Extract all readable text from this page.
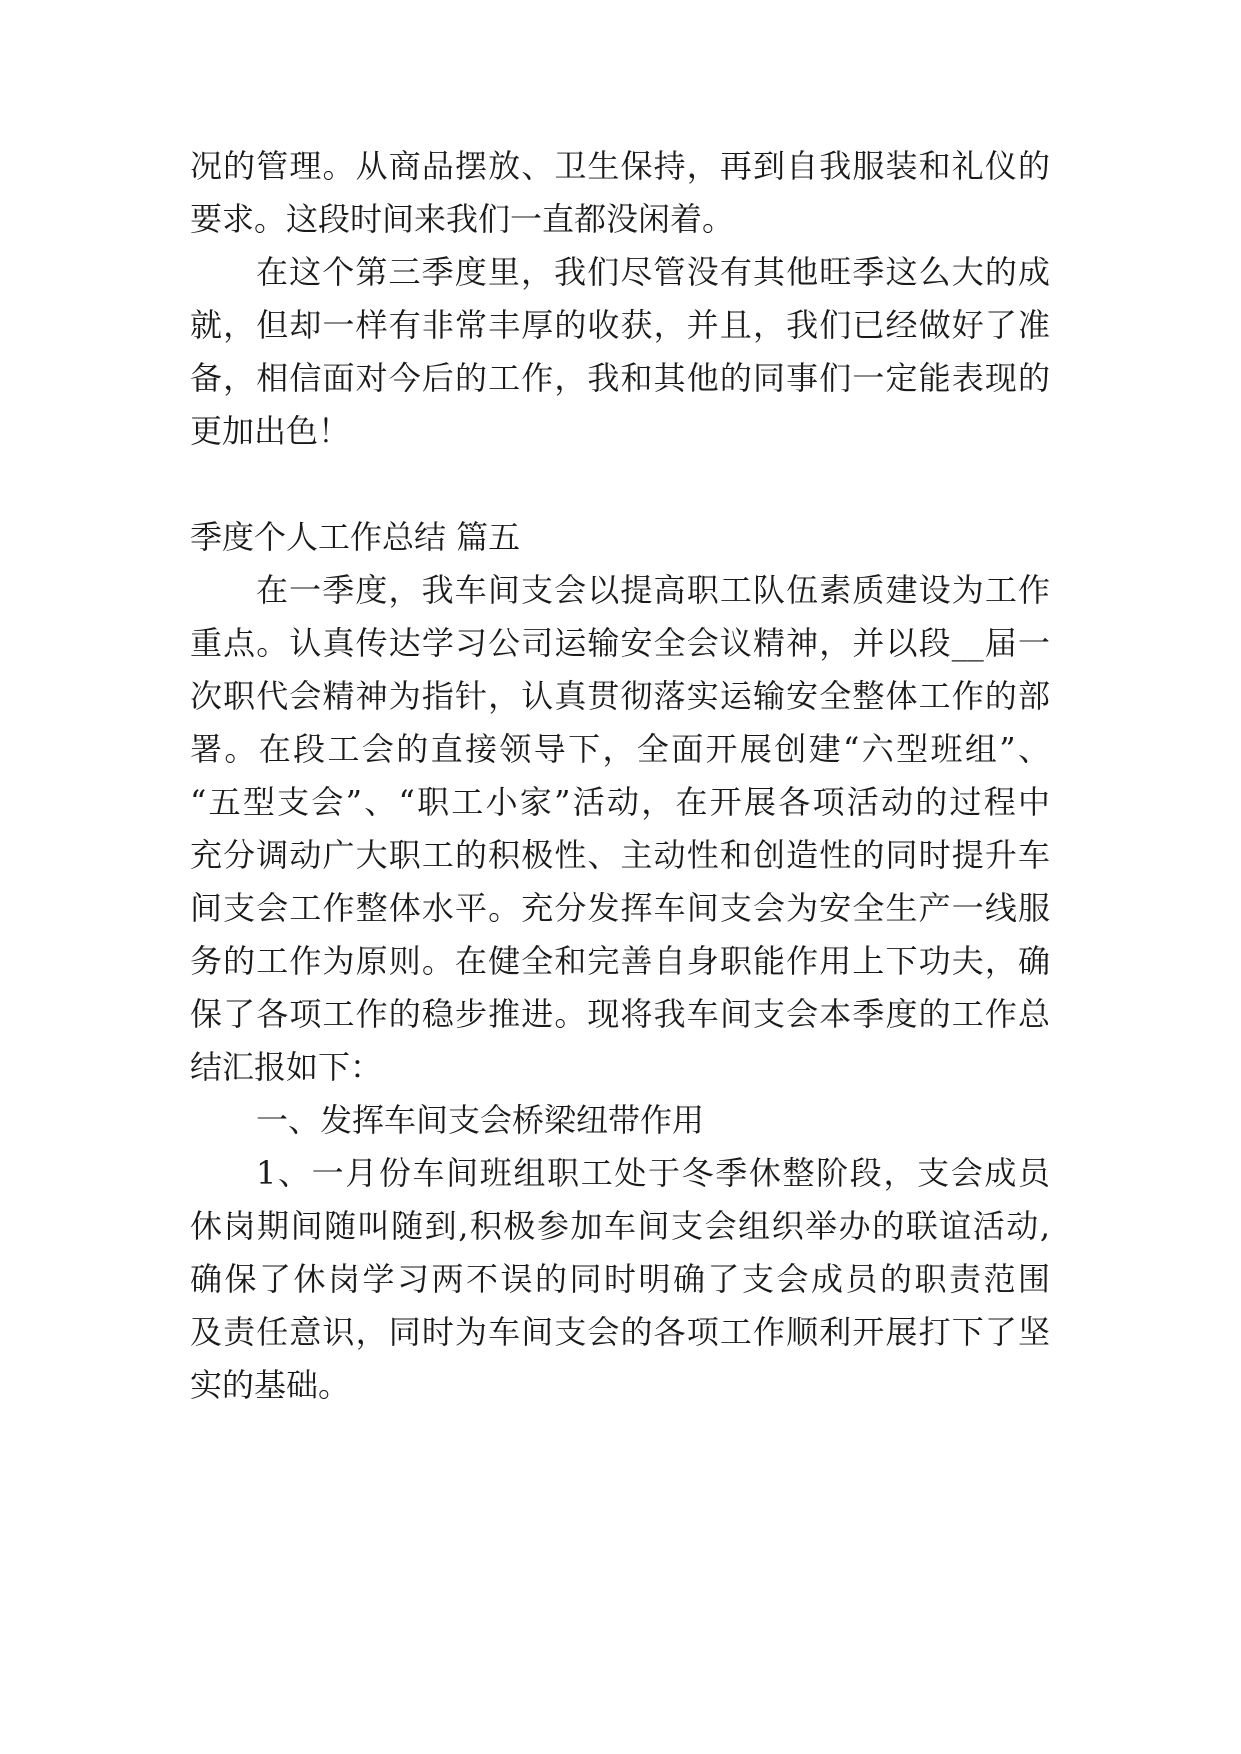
况的管理。从商品摆放、卫生保持，再到自我服装和礼仪的

要求。这段时间来我们一直都没闲着。

在这个第三季度里，我们尽管没有其他旺季这么大的成

就，但却一样有非常丰厚的收获，并且，我们已经做好了准

备，相信面对今后的工作，我和其他的同事们一定能表现的

更加出色！

季度个人工作总结 篇五

在一季度，我车间支会以提高职工队伍素质建设为工作

重点。认真传达学习公司运输安全会议精神，并以段__届一

次职代会精神为指针，认真贯彻落实运输安全整体工作的部

署。在段工会的直接领导下，全面开展创建“六型班组”、

“五型支会”、“职工小家”活动，在开展各项活动的过程中

充分调动广大职工的积极性、主动性和创造性的同时提升车

间支会工作整体水平。充分发挥车间支会为安全生产一线服

务的工作为原则。在健全和完善自身职能作用上下功夫，确

保了各项工作的稳步推进。现将我车间支会本季度的工作总

结汇报如下：

一、发挥车间支会桥梁纽带作用

1、一月份车间班组职工处于冬季休整阶段，支会成员

休岗期间随叫随到,积极参加车间支会组织举办的联谊活动,

确保了休岗学习两不误的同时明确了支会成员的职责范围

及责任意识，同时为车间支会的各项工作顺利开展打下了坚

实的基础。
